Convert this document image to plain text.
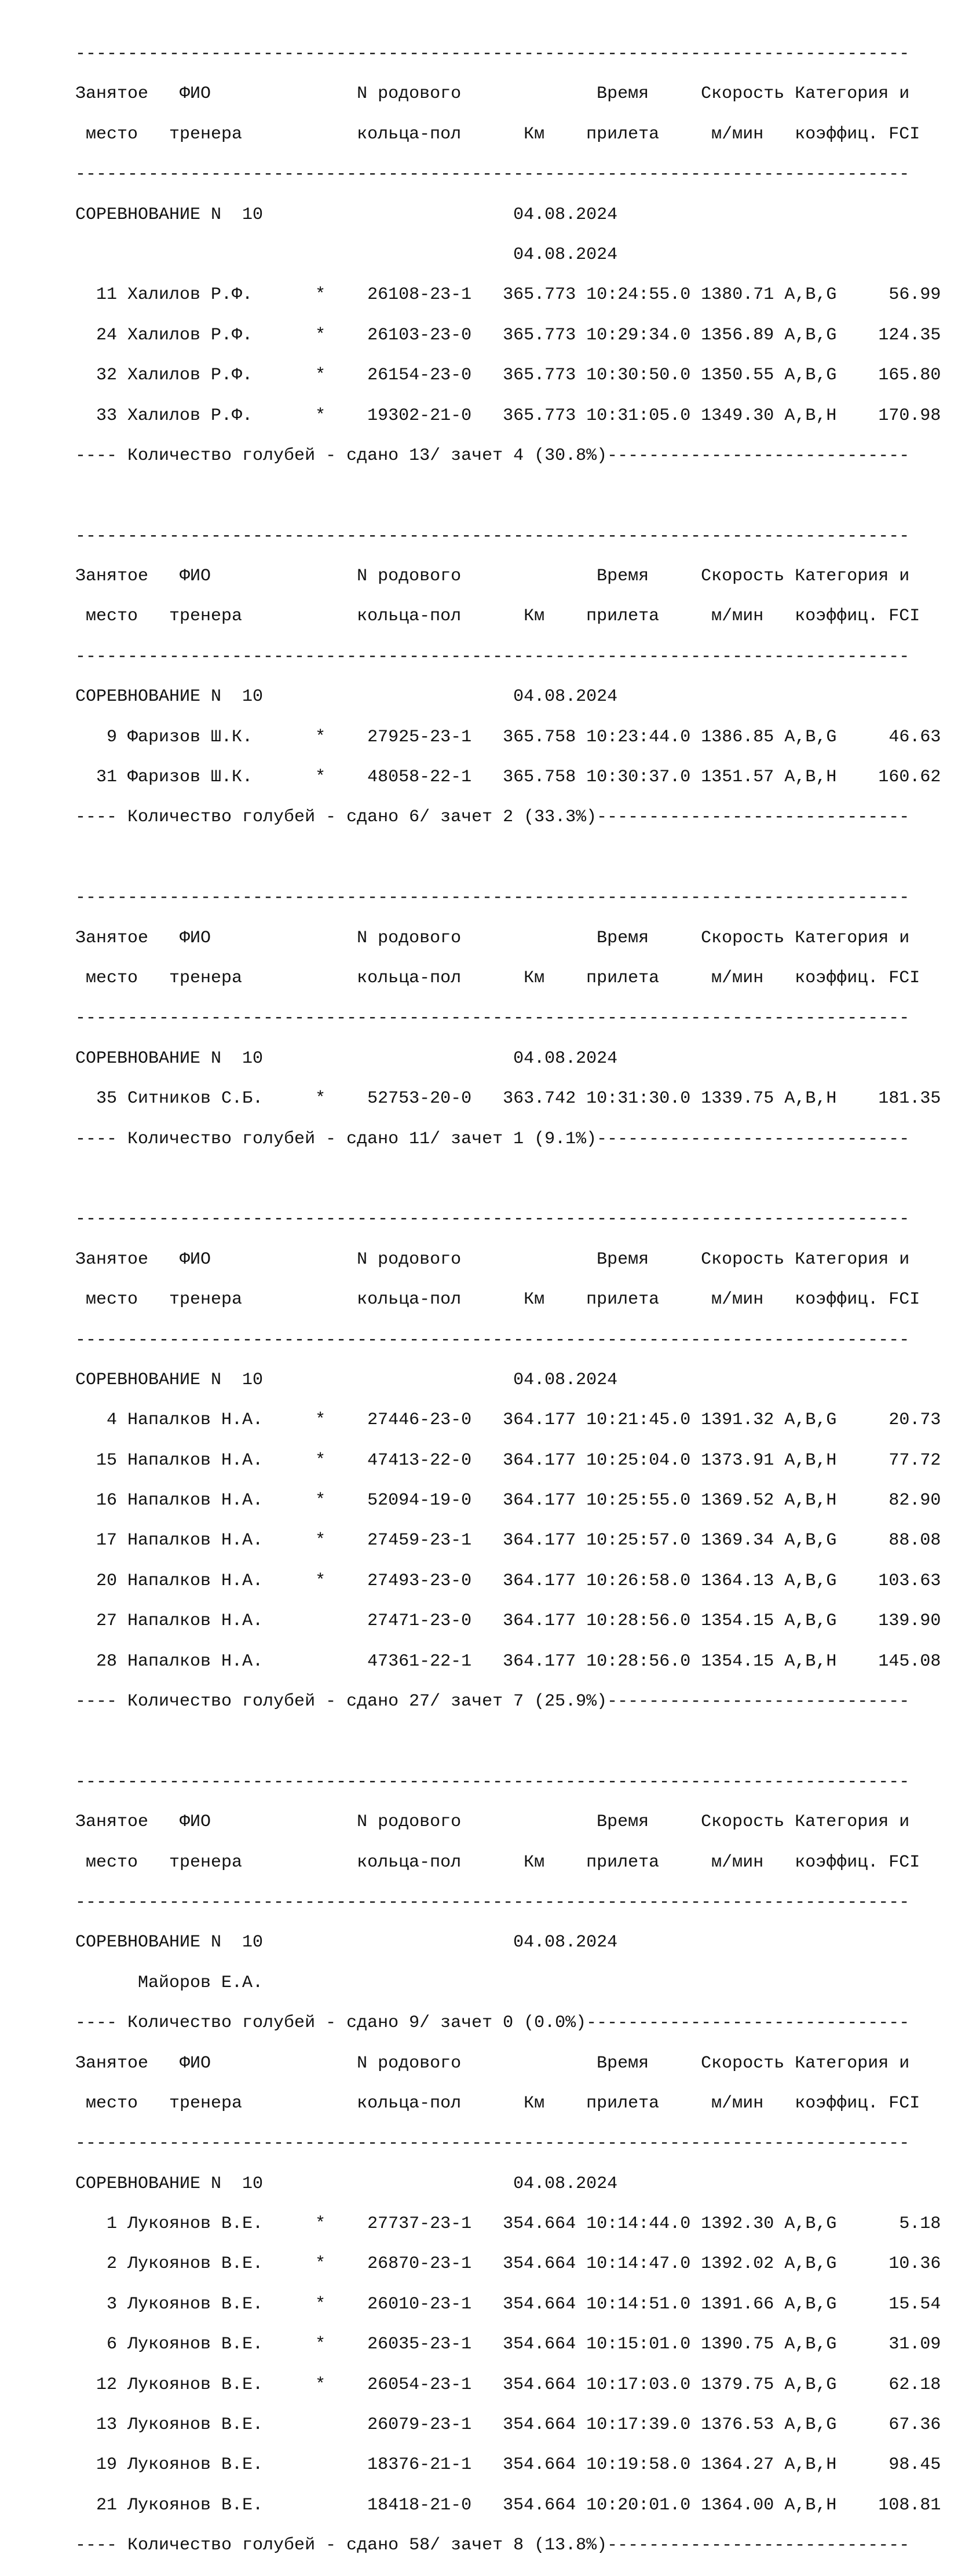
--------------------------------------------------------------------------------

Занятое   ФИО              N родового             Время     Скорость Категория и

место   тренера           кольца-пол      Км    прилета     м/мин   коэффиц. FCI

--------------------------------------------------------------------------------

СОРЕВНОВАНИЕ N  10	04.08.2024

04.08.2024

11 Халилов Р.Ф.      * 26108-23-1 365.773 10:24:55.0 1380.71 A,B,G     56.99

24 Халилов Р.Ф.      * 26103-23-0 365.773 10:29:34.0 1356.89 A,B,G    124.35

32 Халилов Р.Ф.      * 26154-23-0 365.773 10:30:50.0 1350.55 A,B,G    165.80

33 Халилов Р.Ф.      * 19302-21-0 365.773 10:31:05.0 1349.30 A,B,H    170.98

---- Количество голубей - сдано 13/ зачет 4 (30.8%)-----------------------------

--------------------------------------------------------------------------------

Занятое   ФИО              N родового             Время     Скорость Категория и

место   тренера           кольца-пол      Км    прилета     м/мин   коэффиц. FCI

--------------------------------------------------------------------------------

СОРЕВНОВАНИЕ N  10	04.08.2024

9 Фаризов Ш.К.      * 27925-23-1 365.758 10:23:44.0 1386.85 A,B,G     46.63

31 Фаризов Ш.К.      * 48058-22-1 365.758 10:30:37.0 1351.57 A,B,H    160.62

---- Количество голубей - сдано 6/ зачет 2 (33.3%)------------------------------

--------------------------------------------------------------------------------

Занятое   ФИО              N родового             Время     Скорость Категория и

место   тренера           кольца-пол      Км    прилета     м/мин   коэффиц. FCI

--------------------------------------------------------------------------------

СОРЕВНОВАНИЕ N  10	04.08.2024

35 Ситников С.Б.     * 52753-20-0 363.742 10:31:30.0 1339.75 A,B,H    181.35

---- Количество голубей - сдано 11/ зачет 1 (9.1%)------------------------------

--------------------------------------------------------------------------------

Занятое   ФИО              N родового             Время     Скорость Категория и

место   тренера           кольца-пол      Км    прилета     м/мин   коэффиц. FCI

--------------------------------------------------------------------------------

СОРЕВНОВАНИЕ N  10	04.08.2024

4 Напалков Н.А.     * 27446-23-0 364.177 10:21:45.0 1391.32 A,B,G     20.73

15 Напалков Н.А.     * 47413-22-0 364.177 10:25:04.0 1373.91 A,B,H     77.72

16 Напалков Н.А.     * 52094-19-0 364.177 10:25:55.0 1369.52 A,B,H     82.90

17 Напалков Н.А.     * 27459-23-1 364.177 10:25:57.0 1369.34 A,B,G     88.08

20 Напалков Н.А.     * 27493-23-0 364.177 10:26:58.0 1364.13 A,B,G    103.63

27 Напалков Н.А.	27471-23-0 364.177 10:28:56.0 1354.15 A,B,G    139.90

28 Напалков Н.А.	47361-22-1 364.177 10:28:56.0 1354.15 A,B,H    145.08

---- Количество голубей - сдано 27/ зачет 7 (25.9%)-----------------------------

--------------------------------------------------------------------------------

Занятое   ФИО              N родового             Время     Скорость Категория и

место   тренера           кольца-пол      Км    прилета     м/мин   коэффиц. FCI

--------------------------------------------------------------------------------

СОРЕВНОВАНИЕ N  10	04.08.2024

Майоров Е.А.

---- Количество голубей - сдано 9/ зачет 0 (0.0%)-------------------------------

Занятое   ФИО              N родового             Время     Скорость Категория и

место   тренера           кольца-пол      Км    прилета     м/мин   коэффиц. FCI

--------------------------------------------------------------------------------

СОРЕВНОВАНИЕ N  10	04.08.2024

1 Лукоянов В.Е.     * 27737-23-1 354.664 10:14:44.0 1392.30 A,B,G      5.18

2 Лукоянов В.Е.     * 26870-23-1 354.664 10:14:47.0 1392.02 A,B,G     10.36

3 Лукоянов В.Е.     * 26010-23-1 354.664 10:14:51.0 1391.66 A,B,G     15.54

6 Лукоянов В.Е.     * 26035-23-1 354.664 10:15:01.0 1390.75 A,B,G     31.09

12 Лукоянов В.Е.     * 26054-23-1 354.664 10:17:03.0 1379.75 A,B,G     62.18

13 Лукоянов В.Е.	26079-23-1 354.664 10:17:39.0 1376.53 A,B,G     67.36

19 Лукоянов В.Е.	18376-21-1 354.664 10:19:58.0 1364.27 A,B,H     98.45

21 Лукоянов В.Е.	18418-21-0 354.664 10:20:01.0 1364.00 A,B,H    108.81

---- Количество голубей - сдано 58/ зачет 8 (13.8%)-----------------------------
